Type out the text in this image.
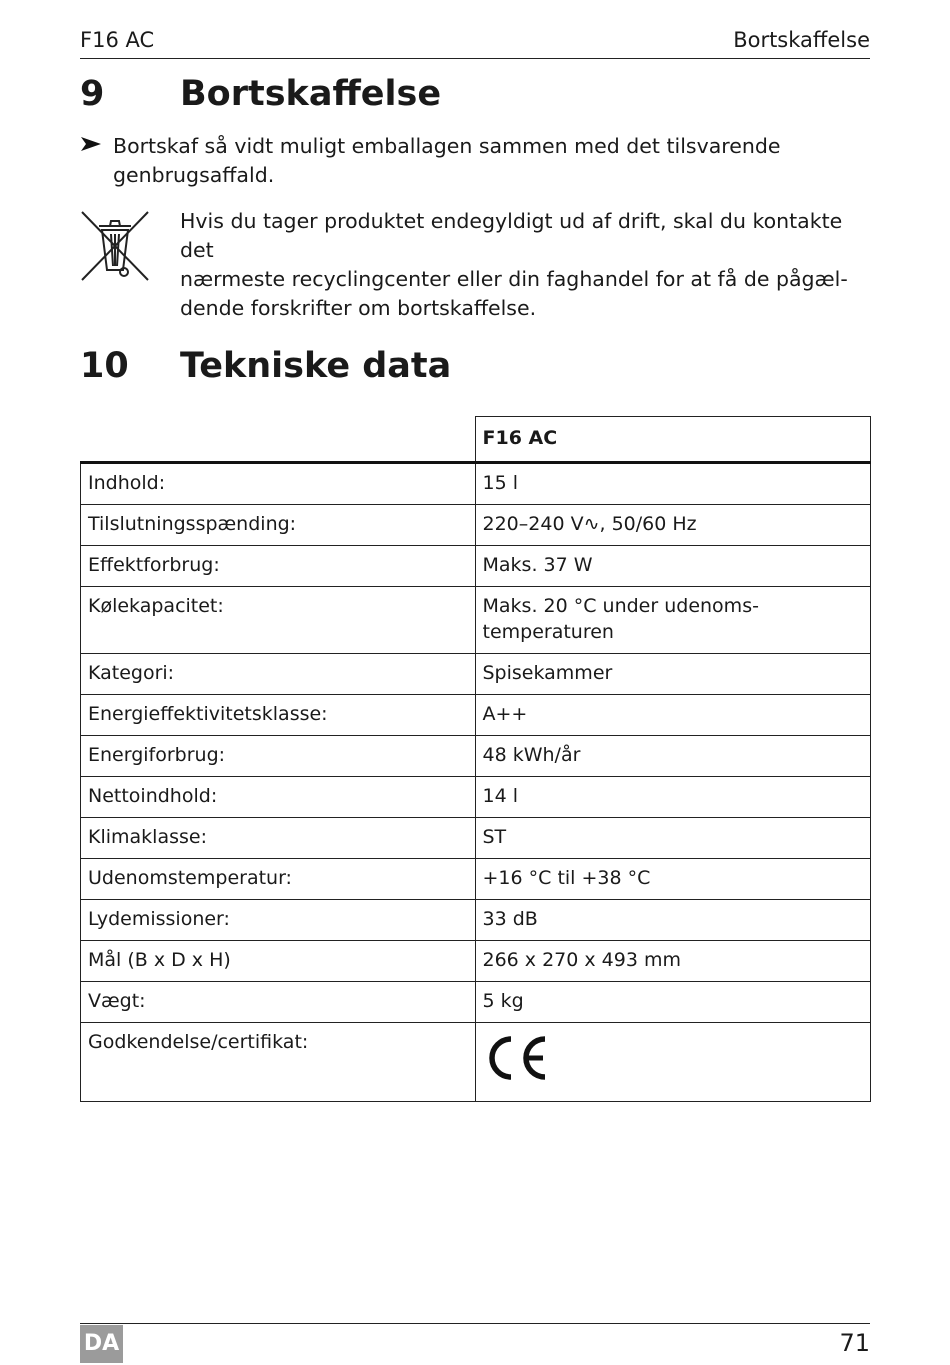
F16 AC	Bortskaffelse
9 Bortskaffelse
Bortskaf så vidt muligt emballagen sammen med det tilsvarende
genbrugsaffald.
Hvis du tager produktet endegyldigt ud af drift, skal du kontakte det
nærmeste recyclingcenter eller din faghandel for at få de pågæl-
dende forskrifter om bortskaffelse.
10 Tekniske data
	F16 AC
Indhold:	15 l
Tilslutningsspænding:	220–240 V∿, 50/60 Hz
Effektforbrug:	Maks. 37 W
Kølekapacitet:	Maks. 20 °C under udenoms-
temperaturen

Kategori:	Spisekammer
Energieffektivitetsklasse:	A++
Energiforbrug:	48 kWh/år
Nettoindhold:	14 l
Klimaklasse:	ST
Udenomstemperatur:	+16 °C til +38 °C
Lydemissioner:	33 dB
Mål (B x D x H)	266 x 270 x 493 mm
Vægt:	5 kg
Godkendelse/certifikat:	
DA	71
